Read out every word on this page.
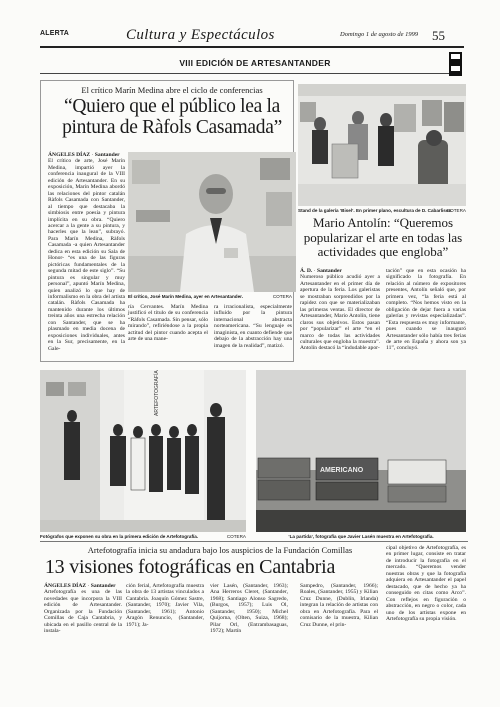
ALERTA	Cultura y Espectáculos	Domingo 1 de agosto de 1999 55
VIII EDICIÓN DE ARTESANTANDER
El crítico Marín Medina abre el ciclo de conferencias
“Quiero que el público lea la pintura de Ràfols Casamada”
El crítico, José Marín Medina, ayer en Artesantander.	COTERA
ÁNGELES DÍAZ · Santander
El crítico de arte, José Marín Medina, impartió ayer la conferencia inaugural de la VIII edición de Artesantander. En su exposición, Marín Medina abordó las relaciones del pintor catalán Ràfols Casamada con Santander, al tiempo que destacaba la simbiosis entre poesía y pintura implícita en su obra. “Quiero acercar a la gente a su pintura, y hacerles que la lean”, subrayó. Para Marín Medina, Ràfols Casamada -a quien Artesantander dedica en esta edición su Sala de Honor- “es una de las figuras pictóricas fundamentales de la segunda mitad de este siglo”. “Su pintura es singular y muy personal”, apuntó Marín Medina, quien analizó lo que hay de informalismo en la obra del artista catalán. Ràfols Casamada ha mantenido durante los últimos treinta años una estrecha relación con Santander, que se ha plasmado en media docena de exposiciones individuales, antes en la Sur, precisamente, en la Gale-
ría Cervantes. Marín Medina justificó el título de su conferencia “Ràfols Casamada. Sin pensar, sólo mirando”, refiriéndose a la propia actitud del pintor cuando acepta el arte de una mane-
ra irracionalista, especialmente influido por la pintura internacional abstracta norteamericana. “Su lenguaje es imaginista, en cuanto defiende que debajo de la abstracción hay una imagen de la realidad”, matizó.
Stand de la galería ‘Bisel’. En primer plano, escultura de D. Cabarlisos.
COTERA
Mario Antolín: “Queremos popularizar el arte en todas las actividades que engloba”
Á. D. · Santander
Numeroso público acudió ayer a Artesantander en el primer día de apertura de la feria. Los galeristas se mostraban sorprendidos por la rapidez con que se materializaban las primeras ventas. El director de Artesantander, Mario Antolín, tiene claros sus objetivos. Estos pasan por “popularizar” el arte “en el marco de todas las actividades culturales que engloba la muestra”. Antolín destacó la “indudable apor-
tación” que en esta ocasión ha significado la fotografía. En relación al número de expositores presentes, Antolín señaló que, por primera vez, “la feria está al completo. “Nos hemos visto en la obligación de dejar fuera a varias galerías y revistas especializadas”. “Esta respuesta es muy informante, pues cuando se inauguró Artesantander sólo había tres ferias de arte en España y ahora son ya 11”, concluyó.
ARTEFOTOGRAFÍA
AMERICANO
Fotógrafos que exponen su obra en la primera edición de Artefotografía.	COTERA	‘La partida’, fotografía que Javier Lasén muestra en Artefotografía.
Artefotografía inicia su andadura bajo los auspicios de la Fundación Comillas
13 visiones fotográficas en Cantabria
ÁNGELES DÍAZ · Santander
Artefotografía es una de las novedades que incorpora la VIII edición de Artesantander. Organizada por la Fundación Comillas de Caja Cantabria, y ubicada en el pasillo central de la instala-
ción ferial, Artefotografía muestra la obra de 13 artistas vinculados a Cantabria. Joaquín Gómez Sastre, (Santander, 1970); Javier Vila, (Santander, 1961); Antonio Aragón Renuncio, (Santander, 1971); Ja-
vier Lasén, (Santander, 1963); Ana Herreros Cleret, (Santander, 1968); Santiago Alonso Sagredo, (Burgos, 1957); Luis Ol, (Santander, 1950); Michel Quijorna, (Olten, Suiza, 1968); Pilar Orl, (Entrambasaguas, 1972); Martín
Sampedro, (Santander, 1966); Roales, (Santander, 1955) y Kilian Cruz Dunne, (Dublín, Irlanda) integran la relación de artistas con obra en Artefotografía. Para el comisario de la muestra, Kilian Cruz Dunne, el prin-
cipal objetivo de Artefotografía, es en primer lugar, consiste en tratar de introducir la fotografía en el mercado. “Queremos vender nuestras obras y que la fotografía adquiera en Artesantander el papel destacado, que de hecho ya ha conseguido en citas como Arco”. Con reflejos en figuración o abstracción, en negro o color, cada uno de los artistas expone en Artefotografía su propia visión.
